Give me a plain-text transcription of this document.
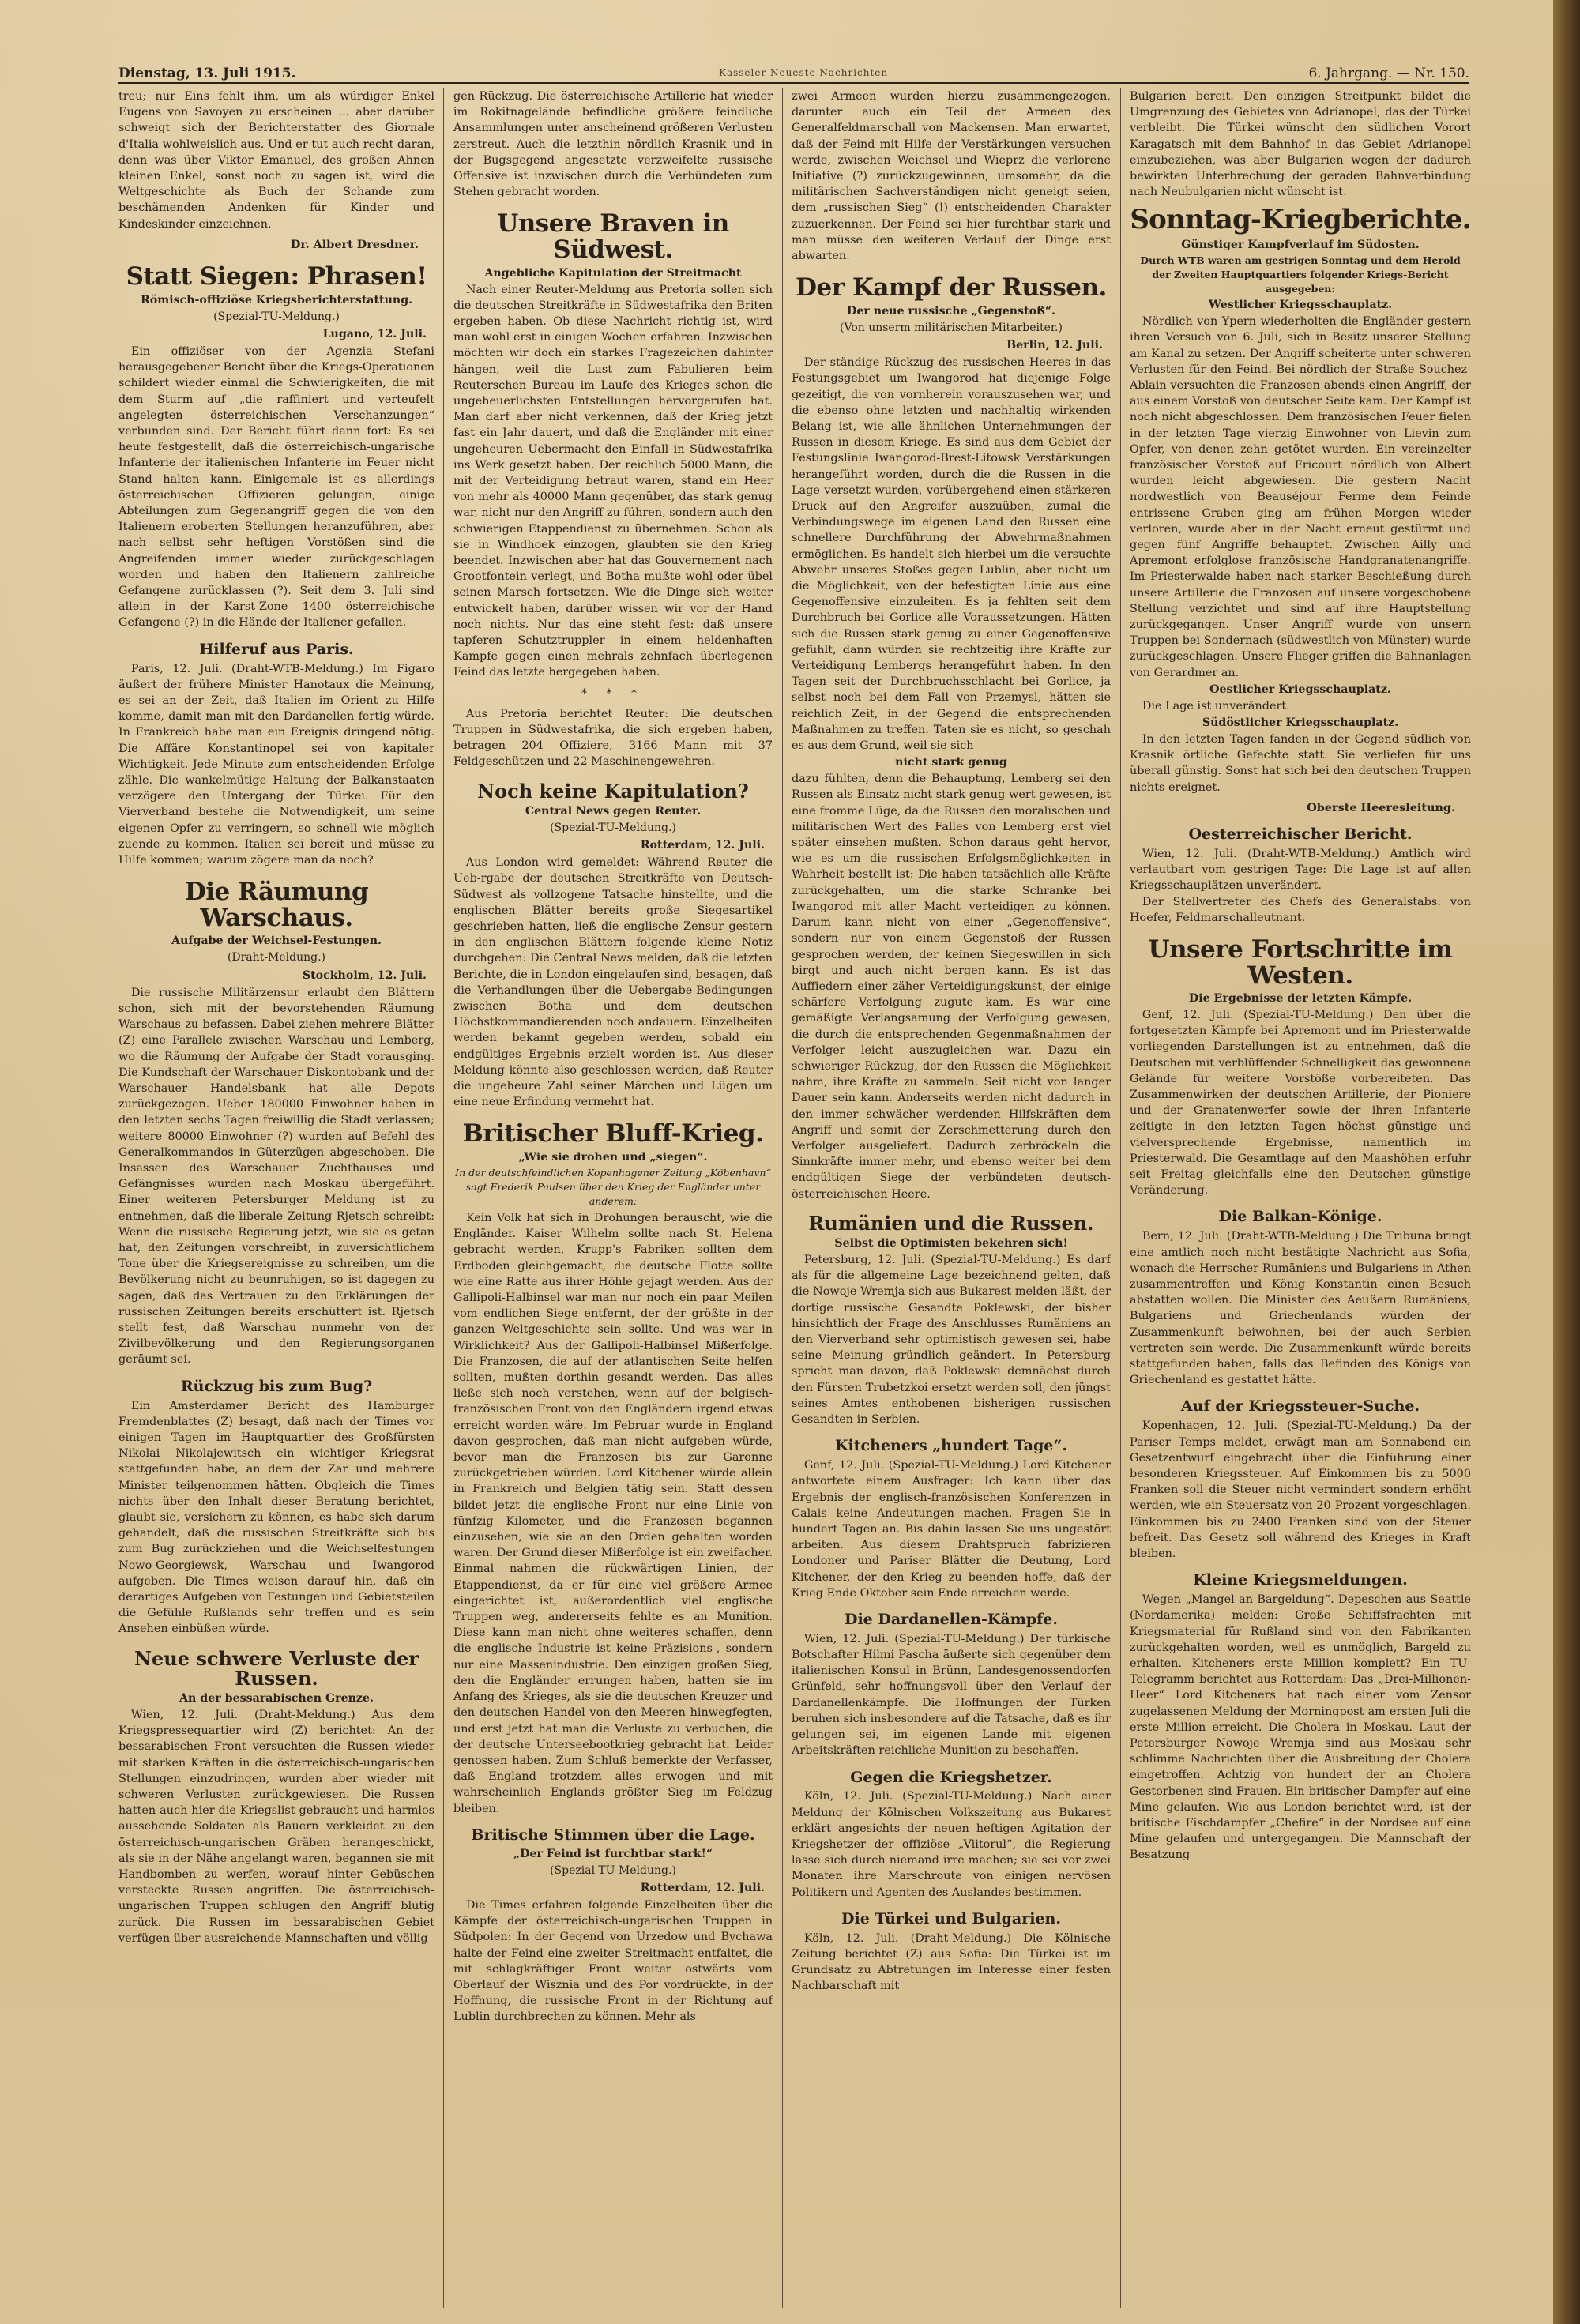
Dienstag, 13. Juli 1915.	Kasseler Neueste Nachrichten	6. Jahrgang. — Nr. 150.

treu; nur Eins fehlt ihm, um als würdiger Enkel Eugens von Savoyen zu erscheinen ... aber darüber schweigt sich der Berichterstatter des Giornale d'Italia wohlweislich aus. Und er tut auch recht daran, denn was über Viktor Emanuel, des großen Ahnen kleinen Enkel, sonst noch zu sagen ist, wird die Weltgeschichte als Buch der Schande zum beschämenden Andenken für Kinder und Kindeskinder einzeichnen.

Dr. Albert Dresdner.
Statt Siegen: Phrasen!
Römisch-offiziöse Kriegsberichterstattung.
(Spezial-TU-Meldung.)
Lugano, 12. Juli.

Ein offiziöser von der Agenzia Stefani herausgegebener Bericht über die Kriegs-Operationen schildert wieder einmal die Schwierigkeiten, die mit dem Sturm auf „die raffiniert und verteufelt angelegten österreichischen Verschanzungen“ verbunden sind. Der Bericht führt dann fort: Es sei heute festgestellt, daß die österreichisch-ungarische Infanterie der italienischen Infanterie im Feuer nicht Stand halten kann. Einigemale ist es allerdings österreichischen Offizieren gelungen, einige Abteilungen zum Gegenangriff gegen die von den Italienern eroberten Stellungen heranzuführen, aber nach selbst sehr heftigen Vorstößen sind die Angreifenden immer wieder zurückgeschlagen worden und haben den Italienern zahlreiche Gefangene zurücklassen (?). Seit dem 3. Juli sind allein in der Karst-Zone 1400 österreichische Gefangene (?) in die Hände der Italiener gefallen.

Hilferuf aus Paris.

Paris, 12. Juli. (Draht-WTB-Meldung.) Im Figaro äußert der frühere Minister Hanotaux die Meinung, es sei an der Zeit, daß Italien im Orient zu Hilfe komme, damit man mit den Dardanellen fertig würde. In Frankreich habe man ein Ereignis dringend nötig. Die Affäre Konstantinopel sei von kapitaler Wichtigkeit. Jede Minute zum entscheidenden Erfolge zähle. Die wankelmütige Haltung der Balkanstaaten verzögere den Untergang der Türkei. Für den Vierverband bestehe die Notwendigkeit, um seine eigenen Opfer zu verringern, so schnell wie möglich zuende zu kommen. Italien sei bereit und müsse zu Hilfe kommen; warum zögere man da noch?

Die Räumung Warschaus.
Aufgabe der Weichsel-Festungen.
(Draht-Meldung.)
Stockholm, 12. Juli.

Die russische Militärzensur erlaubt den Blättern schon, sich mit der bevorstehenden Räumung Warschaus zu befassen. Dabei ziehen mehrere Blätter (Z) eine Parallele zwischen Warschau und Lemberg, wo die Räumung der Aufgabe der Stadt vorausging. Die Kundschaft der Warschauer Diskontobank und der Warschauer Handelsbank hat alle Depots zurückgezogen. Ueber 180000 Einwohner haben in den letzten sechs Tagen freiwillig die Stadt verlassen; weitere 80000 Einwohner (?) wurden auf Befehl des Generalkommandos in Güterzügen abgeschoben. Die Insassen des Warschauer Zuchthauses und Gefängnisses wurden nach Moskau übergeführt. Einer weiteren Petersburger Meldung ist zu entnehmen, daß die liberale Zeitung Rjetsch schreibt: Wenn die russische Regierung jetzt, wie sie es getan hat, den Zeitungen vorschreibt, in zuversichtlichem Tone über die Kriegsereignisse zu schreiben, um die Bevölkerung nicht zu beunruhigen, so ist dagegen zu sagen, daß das Vertrauen zu den Erklärungen der russischen Zeitungen bereits erschüttert ist. Rjetsch stellt fest, daß Warschau nunmehr von der Zivilbevölkerung und den Regierungsorganen geräumt sei.

Rückzug bis zum Bug?

Ein Amsterdamer Bericht des Hamburger Fremdenblattes (Z) besagt, daß nach der Times vor einigen Tagen im Hauptquartier des Großfürsten Nikolai Nikolajewitsch ein wichtiger Kriegsrat stattgefunden habe, an dem der Zar und mehrere Minister teilgenommen hätten. Obgleich die Times nichts über den Inhalt dieser Beratung berichtet, glaubt sie, versichern zu können, es habe sich darum gehandelt, daß die russischen Streitkräfte sich bis zum Bug zurückziehen und die Weichselfestungen Nowo-Georgiewsk, Warschau und Iwangorod aufgeben. Die Times weisen darauf hin, daß ein derartiges Aufgeben von Festungen und Gebietsteilen die Gefühle Rußlands sehr treffen und es sein Ansehen einbüßen würde.

Neue schwere Verluste der Russen.
An der bessarabischen Grenze.

Wien, 12. Juli. (Draht-Meldung.) Aus dem Kriegspressequartier wird (Z) berichtet: An der bessarabischen Front versuchten die Russen wieder mit starken Kräften in die österreichisch-ungarischen Stellungen einzudringen, wurden aber wieder mit schweren Verlusten zurückgewiesen. Die Russen hatten auch hier die Kriegslist gebraucht und harmlos aussehende Soldaten als Bauern verkleidet zu den österreichisch-ungarischen Gräben herangeschickt, als sie in der Nähe angelangt waren, begannen sie mit Handbomben zu werfen, worauf hinter Gebüschen versteckte Russen angriffen. Die österreichisch-ungarischen Truppen schlugen den Angriff blutig zurück. Die Russen im bessarabischen Gebiet verfügen über ausreichende Mannschaften und völlig

gen Rückzug. Die österreichische Artillerie hat wieder im Rokitnagelände befindliche größere feindliche Ansammlungen unter anscheinend größeren Verlusten zerstreut. Auch die letzthin nördlich Krasnik und in der Bugsgegend angesetzte verzweifelte russische Offensive ist inzwischen durch die Verbündeten zum Stehen gebracht worden.

Unsere Braven in Südwest.
Angebliche Kapitulation der Streitmacht

Nach einer Reuter-Meldung aus Pretoria sollen sich die deutschen Streitkräfte in Südwestafrika den Briten ergeben haben. Ob diese Nachricht richtig ist, wird man wohl erst in einigen Wochen erfahren. Inzwischen möchten wir doch ein starkes Fragezeichen dahinter hängen, weil die Lust zum Fabulieren beim Reuterschen Bureau im Laufe des Krieges schon die ungeheuerlichsten Entstellungen hervorgerufen hat. Man darf aber nicht verkennen, daß der Krieg jetzt fast ein Jahr dauert, und daß die Engländer mit einer ungeheuren Uebermacht den Einfall in Südwestafrika ins Werk gesetzt haben. Der reichlich 5000 Mann, die mit der Verteidigung betraut waren, stand ein Heer von mehr als 40000 Mann gegenüber, das stark genug war, nicht nur den Angriff zu führen, sondern auch den schwierigen Etappendienst zu übernehmen. Schon als sie in Windhoek einzogen, glaubten sie den Krieg beendet. Inzwischen aber hat das Gouvernement nach Grootfontein verlegt, und Botha mußte wohl oder übel seinen Marsch fortsetzen. Wie die Dinge sich weiter entwickelt haben, darüber wissen wir vor der Hand noch nichts. Nur das eine steht fest: daß unsere tapferen Schutztruppler in einem heldenhaften Kampfe gegen einen mehrals zehnfach überlegenen Feind das letzte hergegeben haben.

* * *

Aus Pretoria berichtet Reuter: Die deutschen Truppen in Südwestafrika, die sich ergeben haben, betragen 204 Offiziere, 3166 Mann mit 37 Feldgeschützen und 22 Maschinengewehren.

Noch keine Kapitulation?
Central News gegen Reuter.
(Spezial-TU-Meldung.)
Rotterdam, 12. Juli.

Aus London wird gemeldet: Während Reuter die Ueb-rgabe der deutschen Streitkräfte von Deutsch-Südwest als vollzogene Tatsache hinstellte, und die englischen Blätter bereits große Siegesartikel geschrieben hatten, ließ die englische Zensur gestern in den englischen Blättern folgende kleine Notiz durchgehen: Die Central News melden, daß die letzten Berichte, die in London eingelaufen sind, besagen, daß die Verhandlungen über die Uebergabe-Bedingungen zwischen Botha und dem deutschen Höchstkommandierenden noch andauern. Einzelheiten werden bekannt gegeben werden, sobald ein endgültiges Ergebnis erzielt worden ist. Aus dieser Meldung könnte also geschlossen werden, daß Reuter die ungeheure Zahl seiner Märchen und Lügen um eine neue Erfindung vermehrt hat.

Britischer Bluff-Krieg.
„Wie sie drohen und „siegen“.
In der deutschfeindlichen Kopenhagener Zeitung „Köbenhavn“ sagt Frederik Paulsen über den Krieg der Engländer unter anderem:

Kein Volk hat sich in Drohungen berauscht, wie die Engländer. Kaiser Wilhelm sollte nach St. Helena gebracht werden, Krupp's Fabriken sollten dem Erdboden gleichgemacht, die deutsche Flotte sollte wie eine Ratte aus ihrer Höhle gejagt werden. Aus der Gallipoli-Halbinsel war man nur noch ein paar Meilen vom endlichen Siege entfernt, der der größte in der ganzen Weltgeschichte sein sollte. Und was war in Wirklichkeit? Aus der Gallipoli-Halbinsel Mißerfolge. Die Franzosen, die auf der atlantischen Seite helfen sollten, mußten dorthin gesandt werden. Das alles ließe sich noch verstehen, wenn auf der belgisch-französischen Front von den Engländern irgend etwas erreicht worden wäre. Im Februar wurde in England davon gesprochen, daß man nicht aufgeben würde, bevor man die Franzosen bis zur Garonne zurückgetrieben würden. Lord Kitchener würde allein in Frankreich und Belgien tätig sein. Statt dessen bildet jetzt die englische Front nur eine Linie von fünfzig Kilometer, und die Franzosen begannen einzusehen, wie sie an den Orden gehalten worden waren. Der Grund dieser Mißerfolge ist ein zweifacher. Einmal nahmen die rückwärtigen Linien, der Etappendienst, da er für eine viel größere Armee eingerichtet ist, außerordentlich viel englische Truppen weg, andererseits fehlte es an Munition. Diese kann man nicht ohne weiteres schaffen, denn die englische Industrie ist keine Präzisions-, sondern nur eine Massenindustrie. Den einzigen großen Sieg, den die Engländer errungen haben, hatten sie im Anfang des Krieges, als sie die deutschen Kreuzer und den deutschen Handel von den Meeren hinwegfegten, und erst jetzt hat man die Verluste zu verbuchen, die der deutsche Unterseebootkrieg gebracht hat. Leider genossen haben. Zum Schluß bemerkte der Verfasser, daß England trotzdem alles erwogen und mit wahrscheinlich Englands größter Sieg im Feldzug bleiben.

Britische Stimmen über die Lage.
„Der Feind ist furchtbar stark!“
(Spezial-TU-Meldung.)
Rotterdam, 12. Juli.

Die Times erfahren folgende Einzelheiten über die Kämpfe der österreichisch-ungarischen Truppen in Südpolen: In der Gegend von Urzedow und Bychawa halte der Feind eine zweiter Streitmacht entfaltet, die mit schlagkräftiger Front weiter ostwärts vom Oberlauf der Wisznia und des Por vordrückte, in der Hoffnung, die russische Front in der Richtung auf Lublin durchbrechen zu können. Mehr als

zwei Armeen wurden hierzu zusammengezogen, darunter auch ein Teil der Armeen des Generalfeldmarschall von Mackensen. Man erwartet, daß der Feind mit Hilfe der Verstärkungen versuchen werde, zwischen Weichsel und Wieprz die verlorene Initiative (?) zurückzugewinnen, umsomehr, da die militärischen Sachverständigen nicht geneigt seien, dem „russischen Sieg“ (!) entscheidenden Charakter zuzuerkennen. Der Feind sei hier furchtbar stark und man müsse den weiteren Verlauf der Dinge erst abwarten.

Der Kampf der Russen.
Der neue russische „Gegenstoß“.
(Von unserm militärischen Mitarbeiter.)
Berlin, 12. Juli.

Der ständige Rückzug des russischen Heeres in das Festungsgebiet um Iwangorod hat diejenige Folge gezeitigt, die von vornherein vorauszusehen war, und die ebenso ohne letzten und nachhaltig wirkenden Belang ist, wie alle ähnlichen Unternehmungen der Russen in diesem Kriege. Es sind aus dem Gebiet der Festungslinie Iwangorod-Brest-Litowsk Verstärkungen herangeführt worden, durch die die Russen in die Lage versetzt wurden, vorübergehend einen stärkeren Druck auf den Angreifer auszuüben, zumal die Verbindungswege im eigenen Land den Russen eine schnellere Durchführung der Abwehrmaßnahmen ermöglichen. Es handelt sich hierbei um die versuchte Abwehr unseres Stoßes gegen Lublin, aber nicht um die Möglichkeit, von der befestigten Linie aus eine Gegenoffensive einzuleiten. Es ja fehlten seit dem Durchbruch bei Gorlice alle Voraussetzungen. Hätten sich die Russen stark genug zu einer Gegenoffensive gefühlt, dann würden sie rechtzeitig ihre Kräfte zur Verteidigung Lembergs herangeführt haben. In den Tagen seit der Durchbruchsschlacht bei Gorlice, ja selbst noch bei dem Fall von Przemysl, hätten sie reichlich Zeit, in der Gegend die entsprechenden Maßnahmen zu treffen. Taten sie es nicht, so geschah es aus dem Grund, weil sie sich

nicht stark genug

dazu fühlten, denn die Behauptung, Lemberg sei den Russen als Einsatz nicht stark genug wert gewesen, ist eine fromme Lüge, da die Russen den moralischen und militärischen Wert des Falles von Lemberg erst viel später einsehen mußten. Schon daraus geht hervor, wie es um die russischen Erfolgsmöglichkeiten in Wahrheit bestellt ist: Die haben tatsächlich alle Kräfte zurückgehalten, um die starke Schranke bei Iwangorod mit aller Macht verteidigen zu können. Darum kann nicht von einer „Gegenoffensive“, sondern nur von einem Gegenstoß der Russen gesprochen werden, der keinen Siegeswillen in sich birgt und auch nicht bergen kann. Es ist das Auffiedern einer zäher Verteidigungskunst, der einige schärfere Verfolgung zugute kam. Es war eine gemäßigte Verlangsamung der Verfolgung gewesen, die durch die entsprechenden Gegenmaßnahmen der Verfolger leicht auszugleichen war. Dazu ein schwieriger Rückzug, der den Russen die Möglichkeit nahm, ihre Kräfte zu sammeln. Seit nicht von langer Dauer sein kann. Anderseits werden nicht dadurch in den immer schwächer werdenden Hilfskräften dem Angriff und somit der Zerschmetterung durch den Verfolger ausgeliefert. Dadurch zerbröckeln die Sinnkräfte immer mehr, und ebenso weiter bei dem endgültigen Siege der verbündeten deutsch-österreichischen Heere.

Rumänien und die Russen.
Selbst die Optimisten bekehren sich!

Petersburg, 12. Juli. (Spezial-TU-Meldung.) Es darf als für die allgemeine Lage bezeichnend gelten, daß die Nowoje Wremja sich aus Bukarest melden läßt, der dortige russische Gesandte Poklewski, der bisher hinsichtlich der Frage des Anschlusses Rumäniens an den Vierverband sehr optimistisch gewesen sei, habe seine Meinung gründlich geändert. In Petersburg spricht man davon, daß Poklewski demnächst durch den Fürsten Trubetzkoi ersetzt werden soll, den jüngst seines Amtes enthobenen bisherigen russischen Gesandten in Serbien.

Kitcheners „hundert Tage“.

Genf, 12. Juli. (Spezial-TU-Meldung.) Lord Kitchener antwortete einem Ausfrager: Ich kann über das Ergebnis der englisch-französischen Konferenzen in Calais keine Andeutungen machen. Fragen Sie in hundert Tagen an. Bis dahin lassen Sie uns ungestört arbeiten. Aus diesem Drahtspruch fabrizieren Londoner und Pariser Blätter die Deutung, Lord Kitchener, der den Krieg zu beenden hoffe, daß der Krieg Ende Oktober sein Ende erreichen werde.

Die Dardanellen-Kämpfe.

Wien, 12. Juli. (Spezial-TU-Meldung.) Der türkische Botschafter Hilmi Pascha äußerte sich gegenüber dem italienischen Konsul in Brünn, Landesgenossendorfen Grünfeld, sehr hoffnungsvoll über den Verlauf der Dardanellenkämpfe. Die Hoffnungen der Türken beruhen sich insbesondere auf die Tatsache, daß es ihr gelungen sei, im eigenen Lande mit eigenen Arbeitskräften reichliche Munition zu beschaffen.

Gegen die Kriegshetzer.

Köln, 12. Juli. (Spezial-TU-Meldung.) Nach einer Meldung der Kölnischen Volkszeitung aus Bukarest erklärt angesichts der neuen heftigen Agitation der Kriegshetzer der offiziöse „Viitorul“, die Regierung lasse sich durch niemand irre machen; sie sei vor zwei Monaten ihre Marschroute von einigen nervösen Politikern und Agenten des Auslandes bestimmen.

Die Türkei und Bulgarien.

Köln, 12. Juli. (Draht-Meldung.) Die Kölnische Zeitung berichtet (Z) aus Sofia: Die Türkei ist im Grundsatz zu Abtretungen im Interesse einer festen Nachbarschaft mit

Bulgarien bereit. Den einzigen Streitpunkt bildet die Umgrenzung des Gebietes von Adrianopel, das der Türkei verbleibt. Die Türkei wünscht den südlichen Vorort Karagatsch mit dem Bahnhof in das Gebiet Adrianopel einzubeziehen, was aber Bulgarien wegen der dadurch bewirkten Unterbrechung der geraden Bahnverbindung nach Neubulgarien nicht wünscht ist.

Sonntag-Kriegberichte.
Günstiger Kampfverlauf im Südosten.
Durch WTB waren am gestrigen Sonntag und dem Herold der Zweiten Hauptquartiers folgender Kriegs-Bericht ausgegeben:
Westlicher Kriegsschauplatz.

Nördlich von Ypern wiederholten die Engländer gestern ihren Versuch von 6. Juli, sich in Besitz unserer Stellung am Kanal zu setzen. Der Angriff scheiterte unter schweren Verlusten für den Feind. Bei nördlich der Straße Souchez-Ablain versuchten die Franzosen abends einen Angriff, der aus einem Vorstoß von deutscher Seite kam. Der Kampf ist noch nicht abgeschlossen. Dem französischen Feuer fielen in der letzten Tage vierzig Einwohner von Lievin zum Opfer, von denen zehn getötet wurden. Ein vereinzelter französischer Vorstoß auf Fricourt nördlich von Albert wurden leicht abgewiesen. Die gestern Nacht nordwestlich von Beauséjour Ferme dem Feinde entrissene Graben ging am frühen Morgen wieder verloren, wurde aber in der Nacht erneut gestürmt und gegen fünf Angriffe behauptet. Zwischen Ailly und Apremont erfolglose französische Handgranatenangriffe. Im Priesterwalde haben nach starker Beschießung durch unsere Artillerie die Franzosen auf unsere vorgeschobene Stellung verzichtet und sind auf ihre Hauptstellung zurückgegangen. Unser Angriff wurde von unsern Truppen bei Sondernach (südwestlich von Münster) wurde zurückgeschlagen. Unsere Flieger griffen die Bahnanlagen von Gerardmer an.

Oestlicher Kriegsschauplatz.

Die Lage ist unverändert.

Südöstlicher Kriegsschauplatz.

In den letzten Tagen fanden in der Gegend südlich von Krasnik örtliche Gefechte statt. Sie verliefen für uns überall günstig. Sonst hat sich bei den deutschen Truppen nichts ereignet.

Oberste Heeresleitung.
Oesterreichischer Bericht.

Wien, 12. Juli. (Draht-WTB-Meldung.) Amtlich wird verlautbart vom gestrigen Tage: Die Lage ist auf allen Kriegsschauplätzen unverändert.

Der Stellvertreter des Chefs des Generalstabs: von Hoefer, Feldmarschalleutnant.

Unsere Fortschritte im Westen.
Die Ergebnisse der letzten Kämpfe.

Genf, 12. Juli. (Spezial-TU-Meldung.) Den über die fortgesetzten Kämpfe bei Apremont und im Priesterwalde vorliegenden Darstellungen ist zu entnehmen, daß die Deutschen mit verblüffender Schnelligkeit das gewonnene Gelände für weitere Vorstöße vorbereiteten. Das Zusammenwirken der deutschen Artillerie, der Pioniere und der Granatenwerfer sowie der ihren Infanterie zeitigte in den letzten Tagen höchst günstige und vielversprechende Ergebnisse, namentlich im Priesterwald. Die Gesamtlage auf den Maashöhen erfuhr seit Freitag gleichfalls eine den Deutschen günstige Veränderung.

Die Balkan-Könige.

Bern, 12. Juli. (Draht-WTB-Meldung.) Die Tribuna bringt eine amtlich noch nicht bestätigte Nachricht aus Sofia, wonach die Herrscher Rumäniens und Bulgariens in Athen zusammentreffen und König Konstantin einen Besuch abstatten wollen. Die Minister des Aeußern Rumäniens, Bulgariens und Griechenlands würden der Zusammenkunft beiwohnen, bei der auch Serbien vertreten sein werde. Die Zusammenkunft würde bereits stattgefunden haben, falls das Befinden des Königs von Griechenland es gestattet hätte.

Auf der Kriegssteuer-Suche.

Kopenhagen, 12. Juli. (Spezial-TU-Meldung.) Da der Pariser Temps meldet, erwägt man am Sonnabend ein Gesetzentwurf eingebracht über die Einführung einer besonderen Kriegssteuer. Auf Einkommen bis zu 5000 Franken soll die Steuer nicht vermindert sondern erhöht werden, wie ein Steuersatz von 20 Prozent vorgeschlagen. Einkommen bis zu 2400 Franken sind von der Steuer befreit. Das Gesetz soll während des Krieges in Kraft bleiben.

Kleine Kriegsmeldungen.

Wegen „Mangel an Bargeldung“. Depeschen aus Seattle (Nordamerika) melden: Große Schiffsfrachten mit Kriegsmaterial für Rußland sind von den Fabrikanten zurückgehalten worden, weil es unmöglich, Bargeld zu erhalten. Kitcheners erste Million komplett? Ein TU-Telegramm berichtet aus Rotterdam: Das „Drei-Millionen-Heer“ Lord Kitcheners hat nach einer vom Zensor zugelassenen Meldung der Morningpost am ersten Juli die erste Million erreicht. Die Cholera in Moskau. Laut der Petersburger Nowoje Wremja sind aus Moskau sehr schlimme Nachrichten über die Ausbreitung der Cholera eingetroffen. Achtzig von hundert der an Cholera Gestorbenen sind Frauen. Ein britischer Dampfer auf eine Mine gelaufen. Wie aus London berichtet wird, ist der britische Fischdampfer „Chefire“ in der Nordsee auf eine Mine gelaufen und untergegangen. Die Mannschaft der Besatzung
